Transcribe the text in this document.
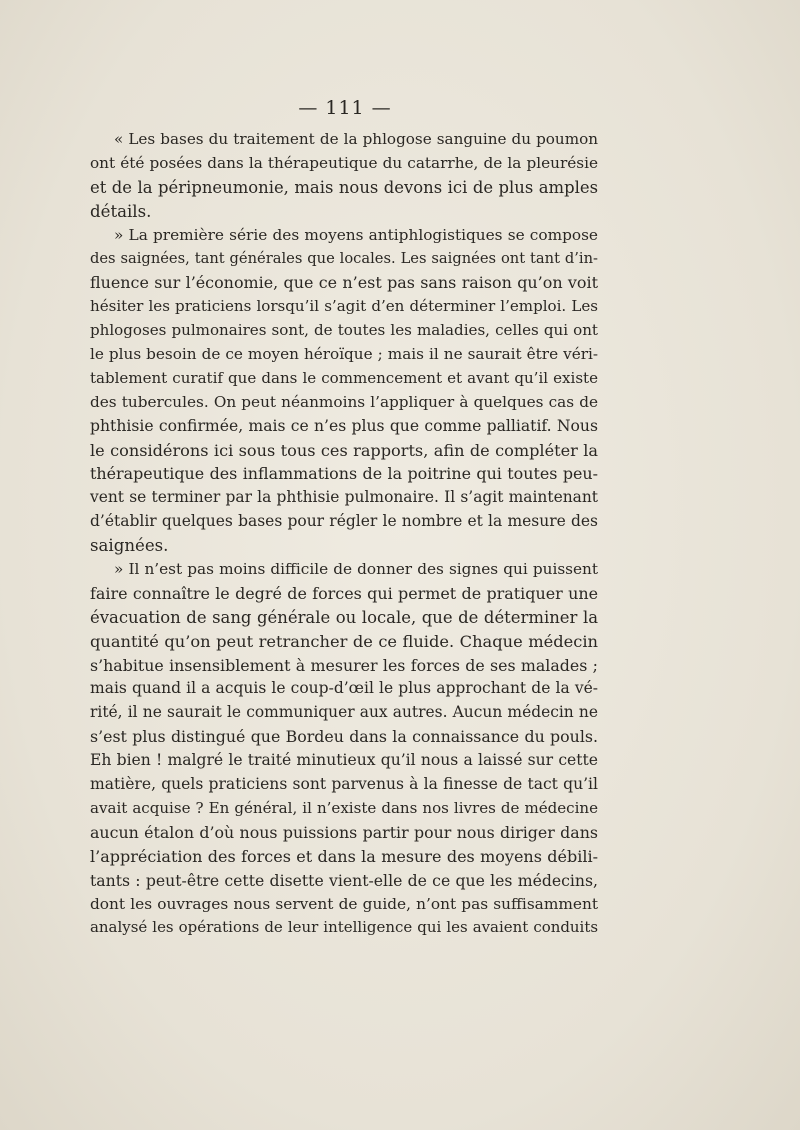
— 111 —
« Les bases du traitement de la phlogose sanguine du poumon
ont été posées dans la thérapeutique du catarrhe, de la pleurésie
et de la péripneumonie, mais nous devons ici de plus amples
détails.
» La première série des moyens antiphlogistiques se compose
des saignées, tant générales que locales. Les saignées ont tant d’in-
fluence sur l’économie, que ce n’est pas sans raison qu’on voit
hésiter les praticiens lorsqu’il s’agit d’en déterminer l’emploi. Les
phlogoses pulmonaires sont, de toutes les maladies, celles qui ont
le plus besoin de ce moyen héroïque ; mais il ne saurait être véri-
tablement curatif que dans le commencement et avant qu’il existe
des tubercules. On peut néanmoins l’appliquer à quelques cas de
phthisie confirmée, mais ce n’es plus que comme palliatif. Nous
le considérons ici sous tous ces rapports, afin de compléter la
thérapeutique des inflammations de la poitrine qui toutes peu-
vent se terminer par la phthisie pulmonaire. Il s’agit maintenant
d’établir quelques bases pour régler le nombre et la mesure des
saignées.
» Il n’est pas moins difficile de donner des signes qui puissent
faire connaître le degré de forces qui permet de pratiquer une
évacuation de sang générale ou locale, que de déterminer la
quantité qu’on peut retrancher de ce fluide. Chaque médecin
s’habitue insensiblement à mesurer les forces de ses malades ;
mais quand il a acquis le coup-d’œil le plus approchant de la vé-
rité, il ne saurait le communiquer aux autres. Aucun médecin ne
s’est plus distingué que Bordeu dans la connaissance du pouls.
Eh bien ! malgré le traité minutieux qu’il nous a laissé sur cette
matière, quels praticiens sont parvenus à la finesse de tact qu’il
avait acquise ? En général, il n’existe dans nos livres de médecine
aucun étalon d’où nous puissions partir pour nous diriger dans
l’appréciation des forces et dans la mesure des moyens débili-
tants : peut-être cette disette vient-elle de ce que les médecins,
dont les ouvrages nous servent de guide, n’ont pas suffisamment
analysé les opérations de leur intelligence qui les avaient conduits
